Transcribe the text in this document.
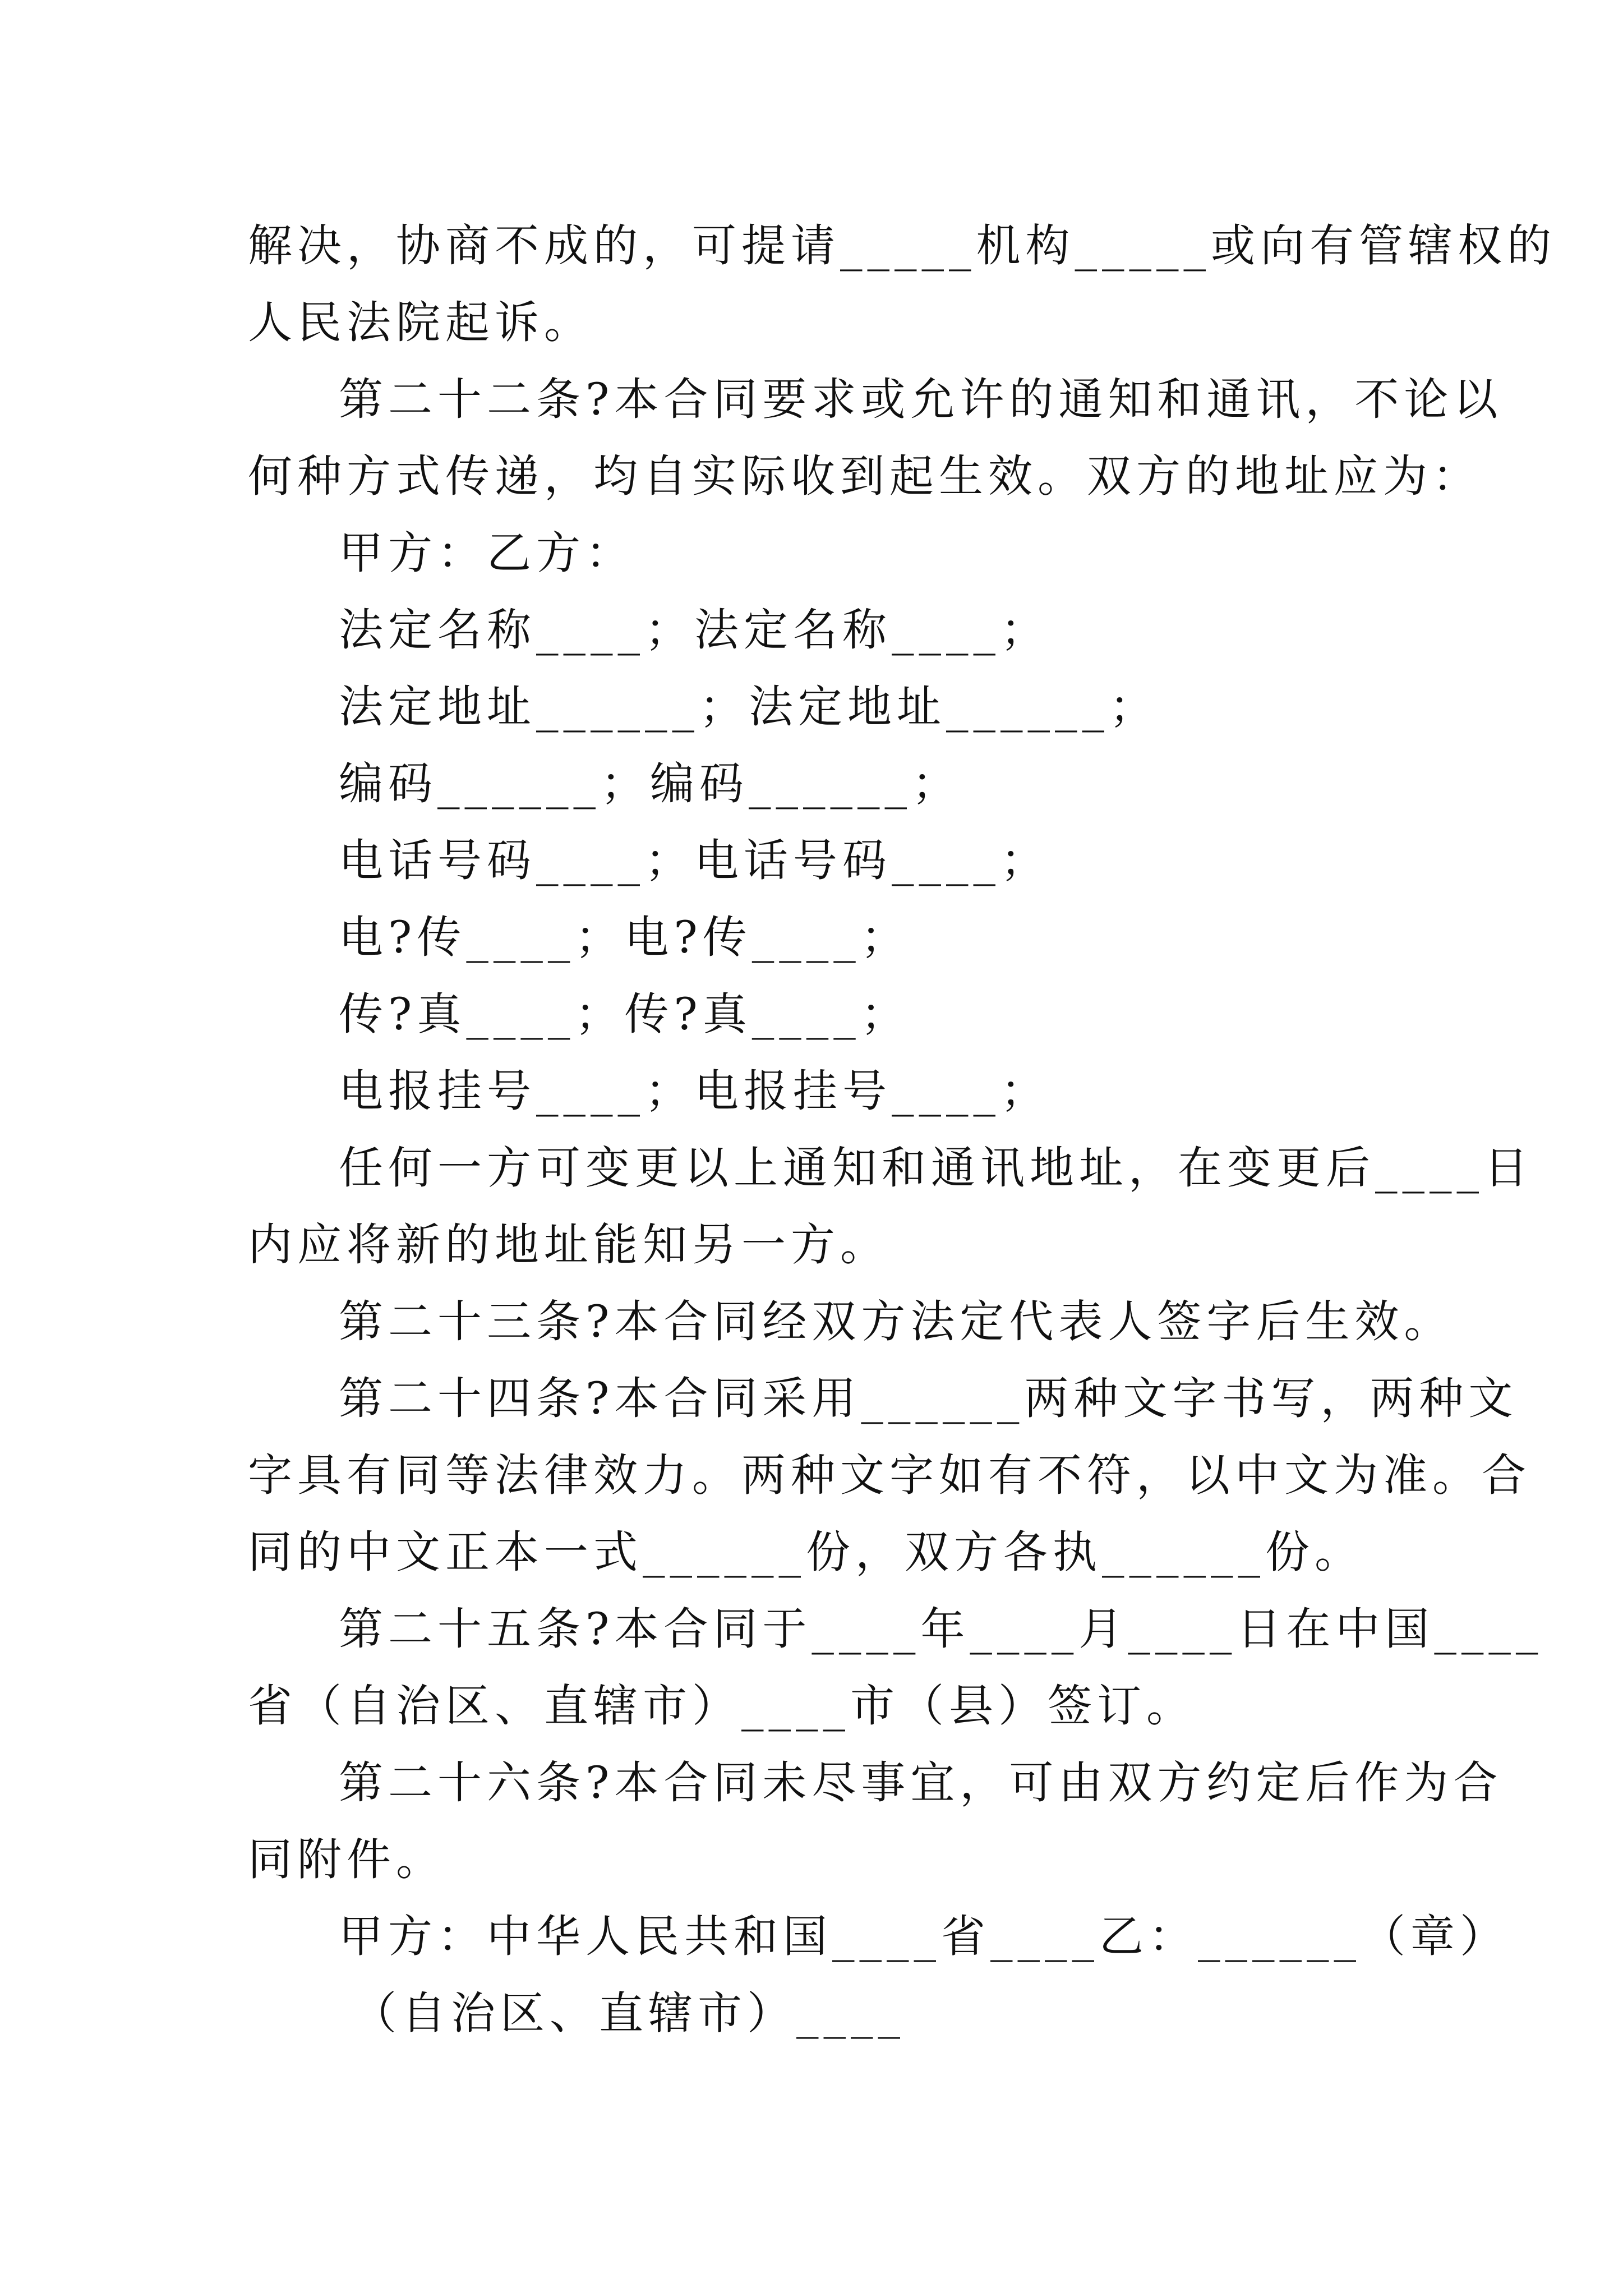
解决，协商不成的，可提请_____机构_____或向有管辖权的
人民法院起诉。
第二十二条?本合同要求或允许的通知和通讯，不论以
何种方式传递，均自实际收到起生效。双方的地址应为：
甲方：乙方：
法定名称____；法定名称____；
法定地址______；法定地址______；
编码______；编码______；
电话号码____；电话号码____；
电?传____；电?传____；
传?真____；传?真____；
电报挂号____；电报挂号____；
任何一方可变更以上通知和通讯地址，在变更后____日
内应将新的地址能知另一方。
第二十三条?本合同经双方法定代表人签字后生效。
第二十四条?本合同采用______两种文字书写，两种文
字具有同等法律效力。两种文字如有不符，以中文为准。合
同的中文正本一式______份，双方各执______份。
第二十五条?本合同于____年____月____日在中国____
省（自治区、直辖市）____市（县）签订。
第二十六条?本合同未尽事宜，可由双方约定后作为合
同附件。
甲方：中华人民共和国____省____乙：______（章）
（自治区、直辖市）____
